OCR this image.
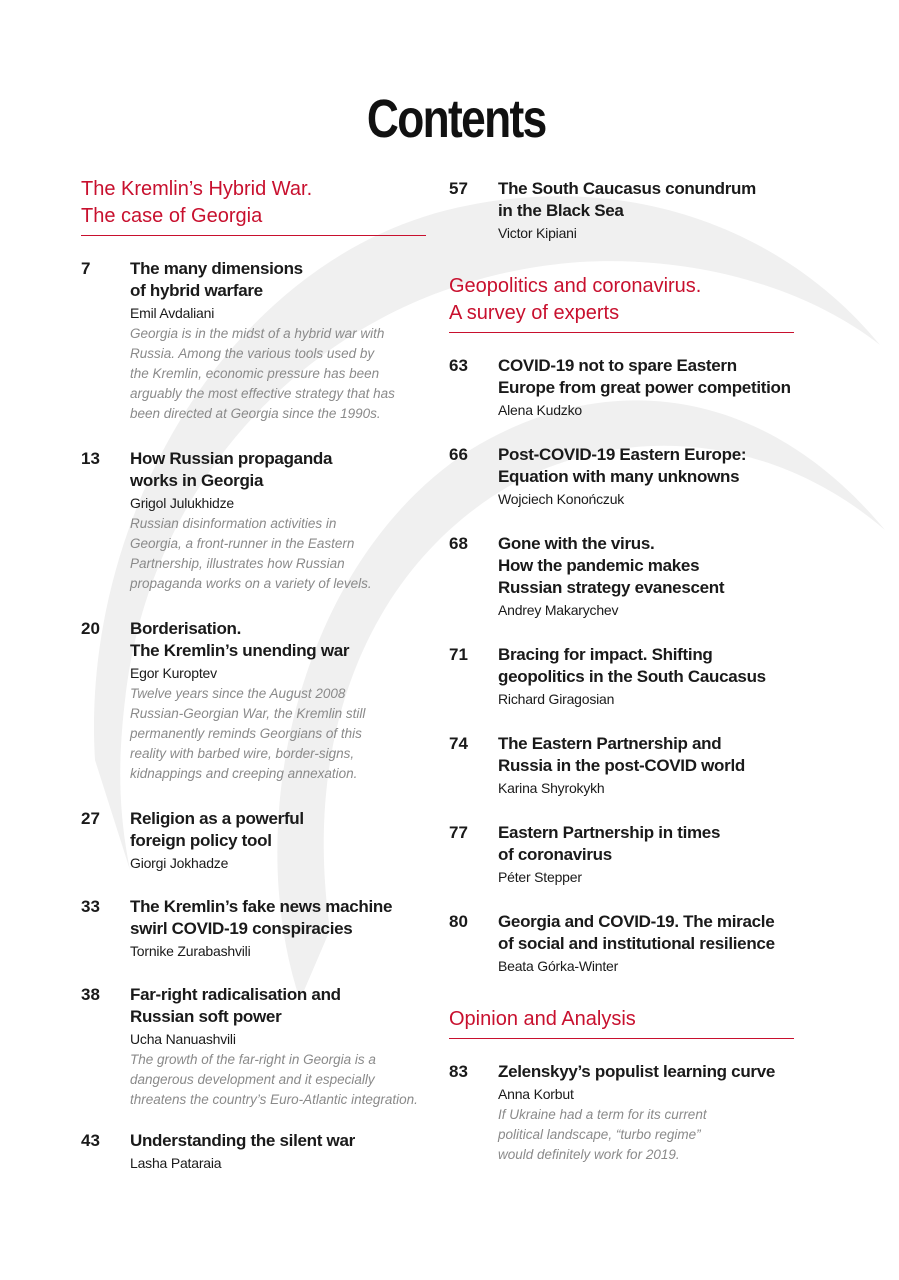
Contents
The Kremlin’s Hybrid War.
The case of Georgia
7 The many dimensions
of hybrid warfare
Emil Avdaliani
Georgia is in the midst of a hybrid war with
Russia. Among the various tools used by
the Kremlin, economic pressure has been
arguably the most effective strategy that has
been directed at Georgia since the 1990s.
13 How Russian propaganda
works in Georgia
Grigol Julukhidze
Russian disinformation activities in
Georgia, a front-runner in the Eastern
Partnership, illustrates how Russian
propaganda works on a variety of levels.
20 Borderisation.
The Kremlin’s unending war
Egor Kuroptev
Twelve years since the August 2008
Russian-Georgian War, the Kremlin still
permanently reminds Georgians of this
reality with barbed wire, border-signs,
kidnappings and creeping annexation.
27 Religion as a powerful
foreign policy tool
Giorgi Jokhadze
33 The Kremlin’s fake news machine
swirl COVID-19 conspiracies
Tornike Zurabashvili
38 Far-right radicalisation and
Russian soft power
Ucha Nanuashvili
The growth of the far-right in Georgia is a
dangerous development and it especially
threatens the country’s Euro-Atlantic integration.
43 Understanding the silent war
Lasha Pataraia
57 The South Caucasus conundrum
in the Black Sea
Victor Kipiani
Geopolitics and coronavirus.
A survey of experts
63 COVID-19 not to spare Eastern
Europe from great power competition
Alena Kudzko
66 Post-COVID-19 Eastern Europe:
Equation with many unknowns
Wojciech Konończuk
68 Gone with the virus.
How the pandemic makes
Russian strategy evanescent
Andrey Makarychev
71 Bracing for impact. Shifting
geopolitics in the South Caucasus
Richard Giragosian
74 The Eastern Partnership and
Russia in the post-COVID world
Karina Shyrokykh
77 Eastern Partnership in times
of coronavirus
Péter Stepper
80 Georgia and COVID-19. The miracle
of social and institutional resilience
Beata Górka-Winter
Opinion and Analysis
83 Zelenskyy’s populist learning curve
Anna Korbut
If Ukraine had a term for its current
political landscape, “turbo regime”
would definitely work for 2019.
